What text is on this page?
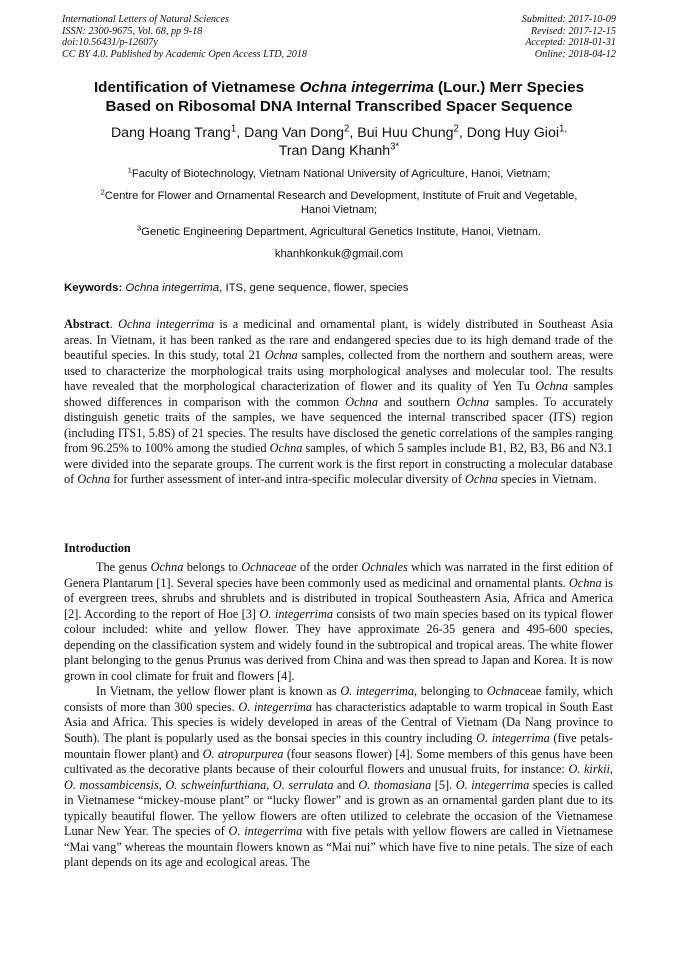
International Letters of Natural Sciences
ISSN: 2300-9675, Vol. 68, pp 9-18
doi:10.56431/p-12607y
CC BY 4.0. Published by Academic Open Access LTD, 2018
Submitted: 2017-10-09
Revised: 2017-12-15
Accepted: 2018-01-31
Online: 2018-04-12
Identification of Vietnamese Ochna integerrima (Lour.) Merr Species
Based on Ribosomal DNA Internal Transcribed Spacer Sequence
Dang Hoang Trang$^1$, Dang Van Dong$^2$, Bui Huu Chung$^2$, Dong Huy Gioi$^{1,}$
Tran Dang Khanh$^{3*}$
$^1$Faculty of Biotechnology, Vietnam National University of Agriculture, Hanoi, Vietnam;
$^2$Centre for Flower and Ornamental Research and Development, Institute of Fruit and Vegetable,
Hanoi Vietnam;
$^3$Genetic Engineering Department, Agricultural Genetics Institute, Hanoi, Vietnam.
khanhkonkuk@gmail.com
Keywords: Ochna integerrima, ITS, gene sequence, flower, species
Abstract. Ochna integerrima is a medicinal and ornamental plant, is widely distributed in Southeast Asia areas. In Vietnam, it has been ranked as the rare and endangered species due to its high demand trade of the beautiful species. In this study, total 21 Ochna samples, collected from the northern and southern areas, were used to characterize the morphological traits using morphological analyses and molecular tool. The results have revealed that the morphological characterization of flower and its quality of Yen Tu Ochna samples showed differences in comparison with the common Ochna and southern Ochna samples. To accurately distinguish genetic traits of the samples, we have sequenced the internal transcribed spacer (ITS) region (including ITS1, 5.8S) of 21 species. The results have disclosed the genetic correlations of the samples ranging from 96.25% to 100% among the studied Ochna samples, of which 5 samples include B1, B2, B3, B6 and N3.1 were divided into the separate groups. The current work is the first report in constructing a molecular database of Ochna for further assessment of inter-and intra-specific molecular diversity of Ochna species in Vietnam.
Introduction

The genus Ochna belongs to Ochnaceae of the order Ochnales which was narrated in the first edition of Genera Plantarum [1]. Several species have been commonly used as medicinal and ornamental plants. Ochna is of evergreen trees, shrubs and shrublets and is distributed in tropical Southeastern Asia, Africa and America [2]. According to the report of Hoe [3] O. integerrima consists of two main species based on its typical flower colour included: white and yellow flower. They have approximate 26-35 genera and 495-600 species, depending on the classification system and widely found in the subtropical and tropical areas. The white flower plant belonging to the genus Prunus was derived from China and was then spread to Japan and Korea. It is now grown in cool climate for fruit and flowers [4].

In Vietnam, the yellow flower plant is known as O. integerrima, belonging to Ochnaceae family, which consists of more than 300 species. O. integerrima has characteristics adaptable to warm tropical in South East Asia and Africa. This species is widely developed in areas of the Central of Vietnam (Da Nang province to South). The plant is popularly used as the bonsai species in this country including O. integerrima (five petals- mountain flower plant) and O. atropurpurea (four seasons flower) [4]. Some members of this genus have been cultivated as the decorative plants because of their colourful flowers and unusual fruits, for instance: O. kirkii, O. mossambicensis, O. schweinfurthiana, O. serrulata and O. thomasiana [5]. O. integerrima species is called in Vietnamese “mickey-mouse plant” or “lucky flower” and is grown as an ornamental garden plant due to its typically beautiful flower. The yellow flowers are often utilized to celebrate the occasion of the Vietnamese Lunar New Year. The species of O. integerrima with five petals with yellow flowers are called in Vietnamese “Mai vang” whereas the mountain flowers known as “Mai nui” which have five to nine petals. The size of each plant depends on its age and ecological areas. The
